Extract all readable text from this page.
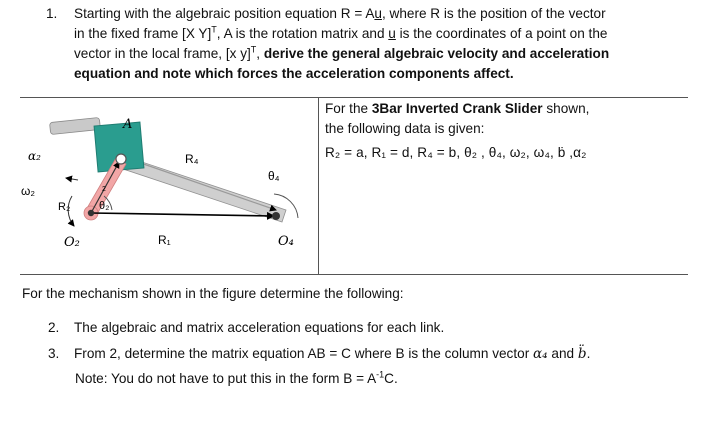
1. Starting with the algebraic position equation R = Au, where R is the position of the vector
in the fixed frame [X Y]$^T$, A is the rotation matrix and u is the coordinates of a point on the
vector in the local frame, [x y]$^T$, derive the general algebraic velocity and acceleration
equation and note which forces the acceleration components affect.
A
R₄
θ₄
α₂
ω₂
R₂	θ₂
O₂	R₁	O₄
2
For the 3Bar Inverted Crank Slider shown,
the following data is given:
R₂ = a, R₁ = d, R₄ = b, θ₂ , θ₄, ω₂, ω₄, ḃ ,α₂
For the mechanism shown in the figure determine the following:
2. The algebraic and matrix acceleration equations for each link.
3. From 2, determine the matrix equation AB = C where B is the column vector α₄ and b̈.
Note: You do not have to put this in the form $B = A^{-1}C$.
